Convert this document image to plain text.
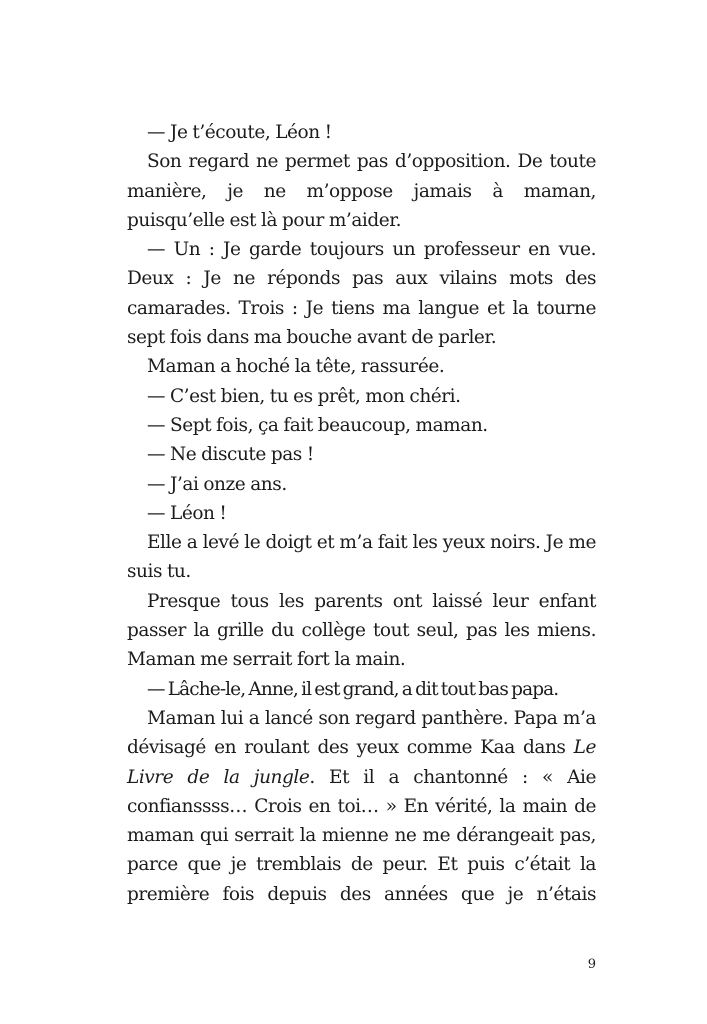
— Je t’écoute, Léon !

Son regard ne permet pas d’opposition. De toute manière, je ne m’oppose jamais à maman, puisqu’elle est là pour m’aider.

— Un : Je garde toujours un professeur en vue. Deux : Je ne réponds pas aux vilains mots des camarades. Trois : Je tiens ma langue et la tourne sept fois dans ma bouche avant de parler.

Maman a hoché la tête, rassurée.

— C’est bien, tu es prêt, mon chéri.

— Sept fois, ça fait beaucoup, maman.

— Ne discute pas !

— J’ai onze ans.

— Léon !

Elle a levé le doigt et m’a fait les yeux noirs. Je me suis tu.

Presque tous les parents ont laissé leur enfant passer la grille du collège tout seul, pas les miens. Maman me serrait fort la main.

— Lâche-le, Anne, il est grand, a dit tout bas papa.

Maman lui a lancé son regard panthère. Papa m’a dévisagé en roulant des yeux comme Kaa dans Le Livre de la jungle. Et il a chantonné : « Aie confianssss… Crois en toi… » En vérité, la main de maman qui serrait la mienne ne me dérangeait pas, parce que je tremblais de peur. Et puis c’était la première fois depuis des années que je n’étais

9
